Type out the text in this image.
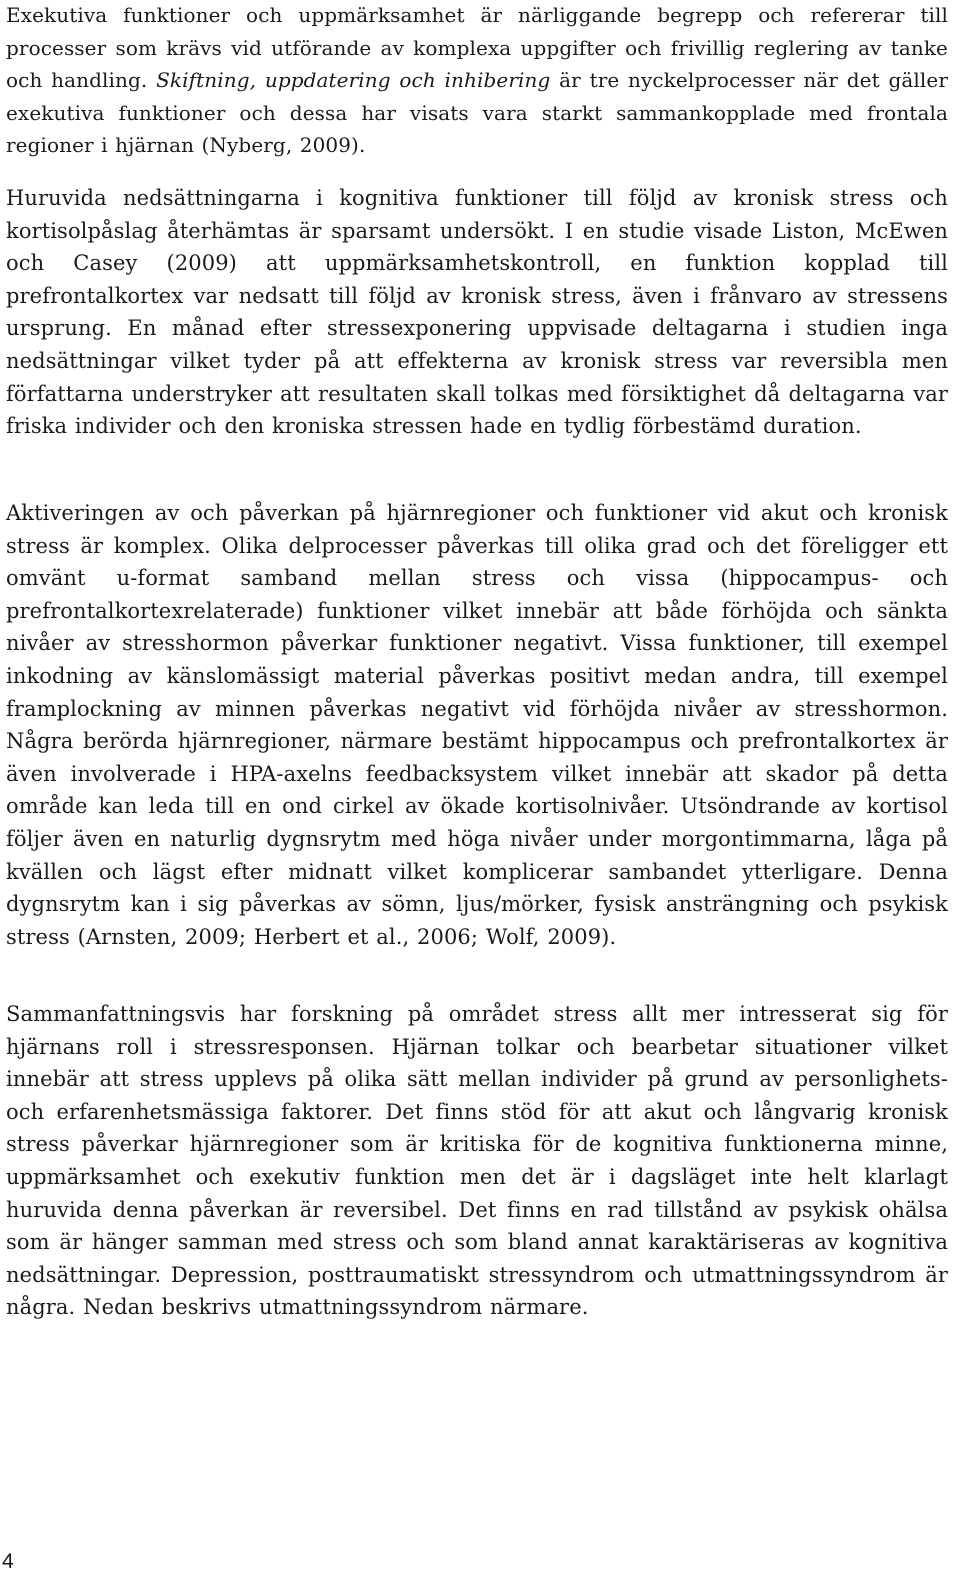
Exekutiva funktioner och uppmärksamhet är närliggande begrepp och refererar till processer som krävs vid utförande av komplexa uppgifter och frivillig reglering av tanke och handling. Skiftning, uppdatering och inhibering är tre nyckelprocesser när det gäller exekutiva funktioner och dessa har visats vara starkt sammankopplade med frontala regioner i hjärnan (Nyberg, 2009).

Huruvida nedsättningarna i kognitiva funktioner till följd av kronisk stress och kortisolpåslag återhämtas är sparsamt undersökt. I en studie visade Liston, McEwen och Casey (2009) att uppmärksamhetskontroll, en funktion kopplad till prefrontalkortex var nedsatt till följd av kronisk stress, även i frånvaro av stressens ursprung. En månad efter stressexponering uppvisade deltagarna i studien inga nedsättningar vilket tyder på att effekterna av kronisk stress var reversibla men författarna understryker att resultaten skall tolkas med försiktighet då deltagarna var friska individer och den kroniska stressen hade en tydlig förbestämd duration.

Aktiveringen av och påverkan på hjärnregioner och funktioner vid akut och kronisk stress är komplex. Olika delprocesser påverkas till olika grad och det föreligger ett omvänt u-format samband mellan stress och vissa (hippocampus- och prefrontalkortexrelaterade) funktioner vilket innebär att både förhöjda och sänkta nivåer av stresshormon påverkar funktioner negativt. Vissa funktioner, till exempel inkodning av känslomässigt material påverkas positivt medan andra, till exempel framplockning av minnen påverkas negativt vid förhöjda nivåer av stresshormon. Några berörda hjärnregioner, närmare bestämt hippocampus och prefrontalkortex är även involverade i HPA-axelns feedbacksystem vilket innebär att skador på detta område kan leda till en ond cirkel av ökade kortisolnivåer. Utsöndrande av kortisol följer även en naturlig dygnsrytm med höga nivåer under morgontimmarna, låga på kvällen och lägst efter midnatt vilket komplicerar sambandet ytterligare. Denna dygnsrytm kan i sig påverkas av sömn, ljus/mörker, fysisk ansträngning och psykisk stress (Arnsten, 2009; Herbert et al., 2006; Wolf, 2009).

Sammanfattningsvis har forskning på området stress allt mer intresserat sig för hjärnans roll i stressresponsen. Hjärnan tolkar och bearbetar situationer vilket innebär att stress upplevs på olika sätt mellan individer på grund av personlighets- och erfarenhetsmässiga faktorer. Det finns stöd för att akut och långvarig kronisk stress påverkar hjärnregioner som är kritiska för de kognitiva funktionerna minne, uppmärksamhet och exekutiv funktion men det är i dagsläget inte helt klarlagt huruvida denna påverkan är reversibel. Det finns en rad tillstånd av psykisk ohälsa som är hänger samman med stress och som bland annat karaktäriseras av kognitiva nedsättningar. Depression, posttraumatiskt stressyndrom och utmattningssyndrom är några. Nedan beskrivs utmattningssyndrom närmare.

4
